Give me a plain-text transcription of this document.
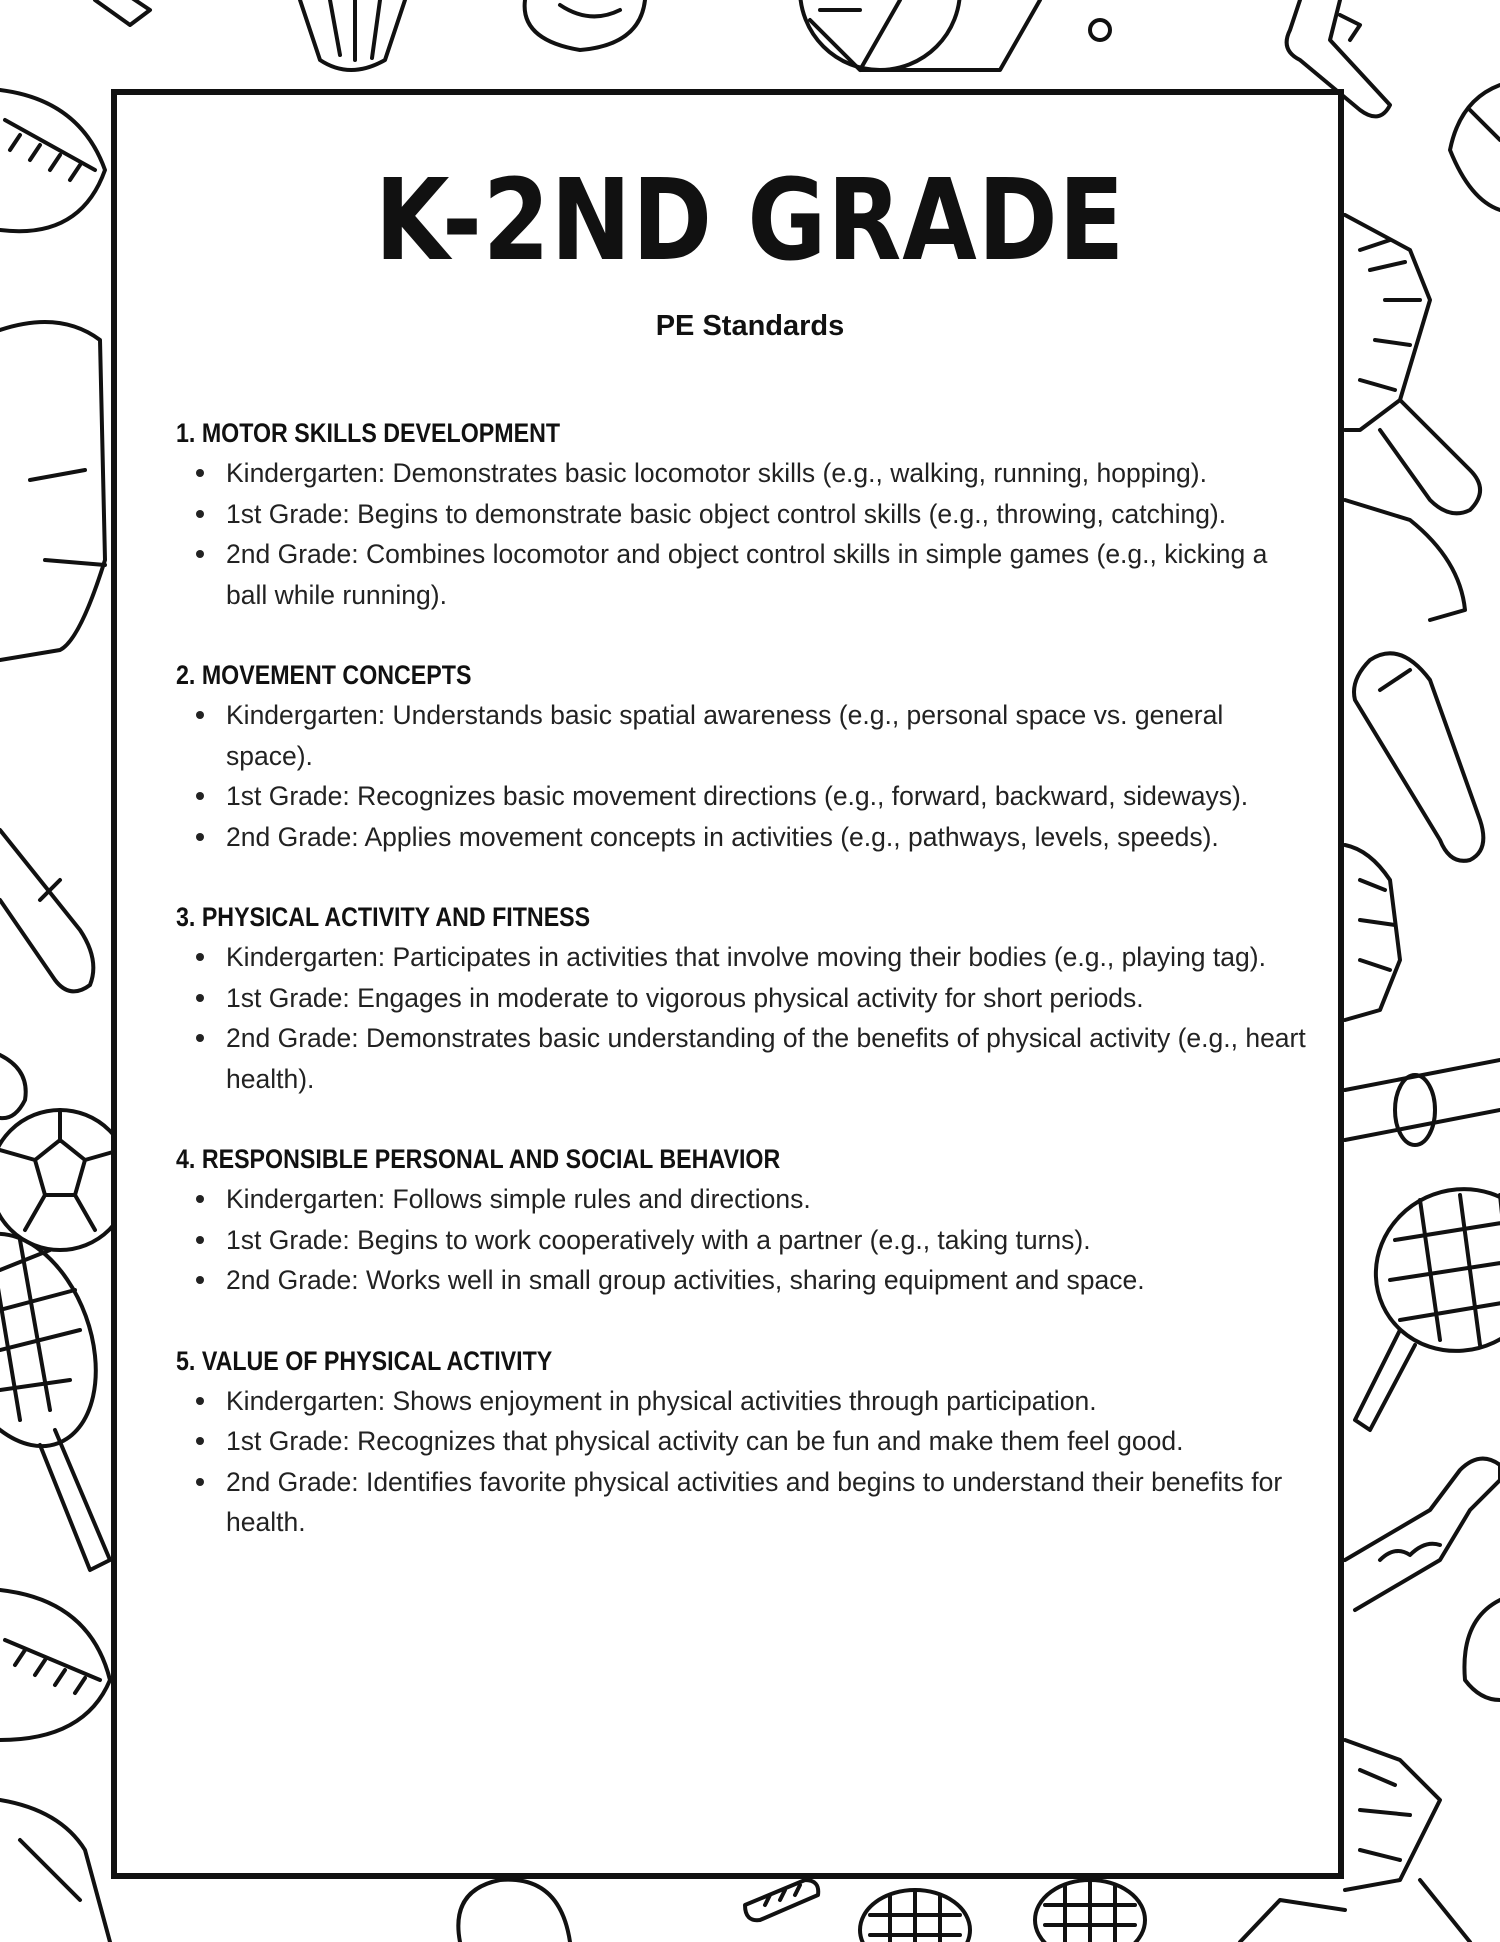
K-2ND GRADE
PE Standards
1. MOTOR SKILLS DEVELOPMENT
Kindergarten: Demonstrates basic locomotor skills (e.g., walking, running, hopping).
1st Grade: Begins to demonstrate basic object control skills (e.g., throwing, catching).
2nd Grade: Combines locomotor and object control skills in simple games (e.g., kicking a ball while running).
2. MOVEMENT CONCEPTS
Kindergarten: Understands basic spatial awareness (e.g., personal space vs. general space).
1st Grade: Recognizes basic movement directions (e.g., forward, backward, sideways).
2nd Grade: Applies movement concepts in activities (e.g., pathways, levels, speeds).
3. PHYSICAL ACTIVITY AND FITNESS
Kindergarten: Participates in activities that involve moving their bodies (e.g., playing tag).
1st Grade: Engages in moderate to vigorous physical activity for short periods.
2nd Grade: Demonstrates basic understanding of the benefits of physical activity (e.g., heart health).
4. RESPONSIBLE PERSONAL AND SOCIAL BEHAVIOR
Kindergarten: Follows simple rules and directions.
1st Grade: Begins to work cooperatively with a partner (e.g., taking turns).
2nd Grade: Works well in small group activities, sharing equipment and space.
5. VALUE OF PHYSICAL ACTIVITY
Kindergarten: Shows enjoyment in physical activities through participation.
1st Grade: Recognizes that physical activity can be fun and make them feel good.
2nd Grade: Identifies favorite physical activities and begins to understand their benefits for health.
